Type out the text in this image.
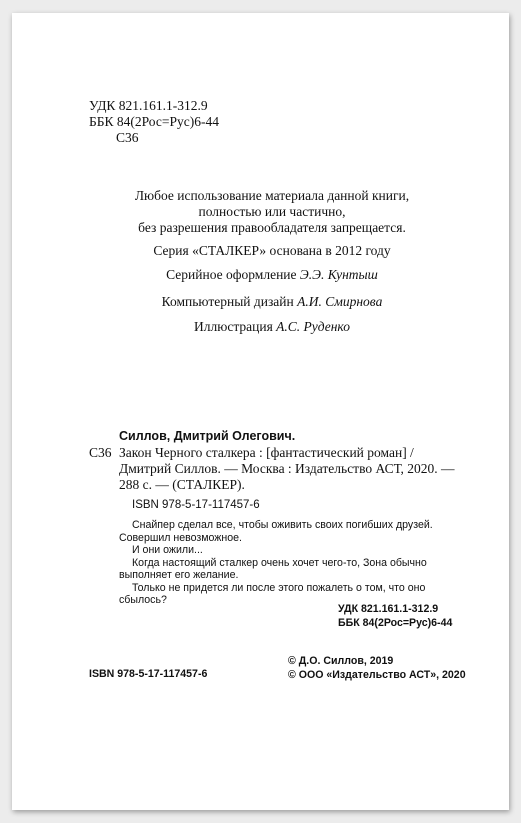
УДК 821.161.1-312.9
ББК 84(2Рос=Рус)6-44
С36
Любое использование материала данной книги,
полностью или частично,
без разрешения правообладателя запрещается.
Серия «СТАЛКЕР» основана в 2012 году
Серийное оформление Э.Э. Кунтыш
Компьютерный дизайн А.И. Смирнова
Иллюстрация А.С. Руденко
Силлов, Дмитрий Олегович.
С36 Закон Черного сталкера : [фантастический роман] /
Дмитрий Силлов. — Москва : Издательство АСТ, 2020. —
288 с. — (СТАЛКЕР).
ISBN 978-5-17-117457-6
Снайпер сделал все, чтобы оживить своих погибших друзей.
Совершил невозможное.
И они ожили...
Когда настоящий сталкер очень хочет чего-то, Зона обычно
выполняет его желание.
Только не придется ли после этого пожалеть о том, что оно
сбылось?
УДК 821.161.1-312.9
ББК 84(2Рос=Рус)6-44
ISBN 978-5-17-117457-6
© Д.О. Силлов, 2019
© ООО «Издательство АСТ», 2020
